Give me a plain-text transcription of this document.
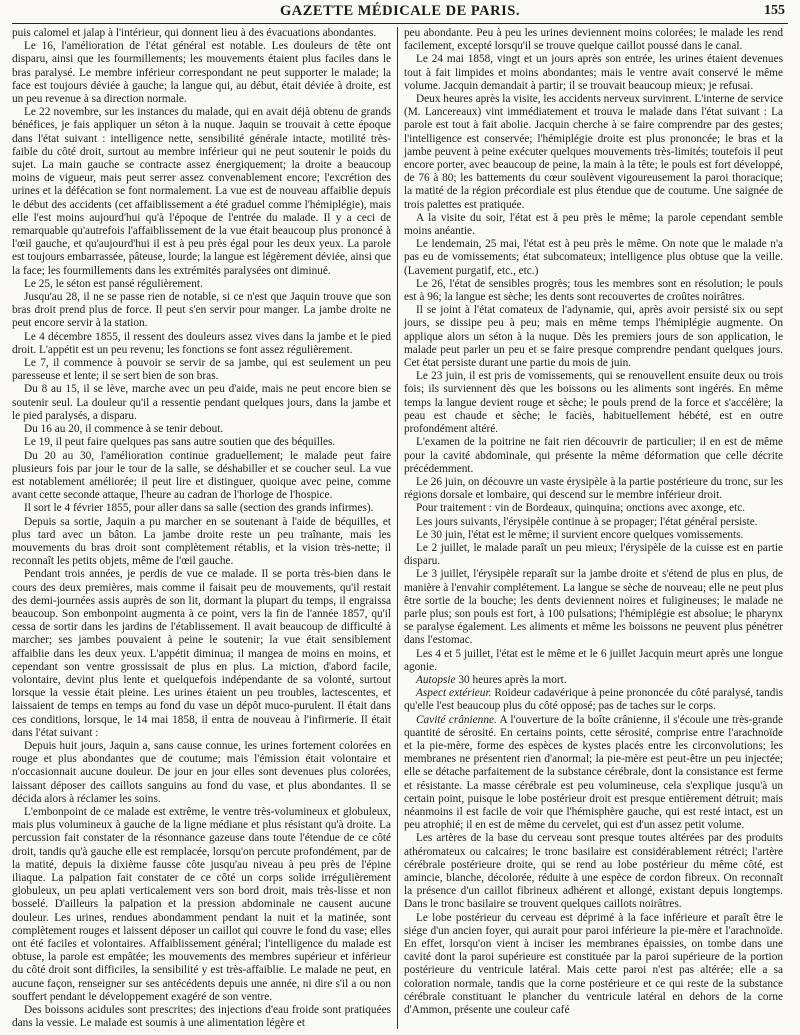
GAZETTE MÉDICALE DE PARIS.	155

puis calomel et jalap à l'intérieur, qui donnent lieu à des évacuations abondantes.

Le 16, l'amélioration de l'état général est notable. Les douleurs de tête ont disparu, ainsi que les fourmillements; les mouvements étaient plus faciles dans le bras paralysé. Le membre inférieur correspondant ne peut supporter le malade; la face est toujours déviée à gauche; la langue qui, au début, était déviée à droite, est un peu revenue à sa direction normale.

Le 22 novembre, sur les instances du malade, qui en avait déjà obtenu de grands bénéfices, je fais appliquer un séton à la nuque. Jaquin se trouvait à cette époque dans l'état suivant : intelligence nette, sensibilité générale intacte, motilité très-faible du côté droit, surtout au membre inférieur qui ne peut soutenir le poids du sujet. La main gauche se contracte assez énergiquement; la droite a beaucoup moins de vigueur, mais peut serrer assez convenablement encore; l'excrétion des urines et la défécation se font normalement. La vue est de nouveau affaiblie depuis le début des accidents (cet affaiblissement a été graduel comme l'hémiplégie), mais elle l'est moins aujourd'hui qu'à l'époque de l'entrée du malade. Il y a ceci de remarquable qu'autrefois l'affaiblissement de la vue était beaucoup plus prononcé à l'œil gauche, et qu'aujourd'hui il est à peu près égal pour les deux yeux. La parole est toujours embarrassée, pâteuse, lourde; la langue est légèrement déviée, ainsi que la face; les fourmillements dans les extrémités paralysées ont diminué.

Le 25, le séton est pansé régulièrement.

Jusqu'au 28, il ne se passe rien de notable, si ce n'est que Jaquin trouve que son bras droit prend plus de force. Il peut s'en servir pour manger. La jambe droite ne peut encore servir à la station.

Le 4 décembre 1855, il ressent des douleurs assez vives dans la jambe et le pied droit. L'appétit est un peu revenu; les fonctions se font assez régulièrement.

Le 7, il commence à pouvoir se servir de sa jambe, qui est seulement un peu paresseuse et lente; il se sert bien de son bras.

Du 8 au 15, il se lève, marche avec un peu d'aide, mais ne peut encore bien se soutenir seul. La douleur qu'il a ressentie pendant quelques jours, dans la jambe et le pied paralysés, a disparu.

Du 16 au 20, il commence à se tenir debout.

Le 19, il peut faire quelques pas sans autre soutien que des béquilles.

Du 20 au 30, l'amélioration continue graduellement; le malade peut faire plusieurs fois par jour le tour de la salle, se déshabiller et se coucher seul. La vue est notablement améliorée; il peut lire et distinguer, quoique avec peine, comme avant cette seconde attaque, l'heure au cadran de l'horloge de l'hospice.

Il sort le 4 février 1855, pour aller dans sa salle (section des grands infirmes).

Depuis sa sortie, Jaquin a pu marcher en se soutenant à l'aide de béquilles, et plus tard avec un bâton. La jambe droite reste un peu traînante, mais les mouvements du bras droit sont complètement rétablis, et la vision très-nette; il reconnaît les petits objets, même de l'œil gauche.

Pendant trois années, je perdis de vue ce malade. Il se porta très-bien dans le cours des deux premières, mais comme il faisait peu de mouvements, qu'il restait des demi-journées assis auprès de son lit, dormant la plupart du temps, il engraissa beaucoup. Son embonpoint augmenta à ce point, vers la fin de l'année 1857, qu'il cessa de sortir dans les jardins de l'établissement. Il avait beaucoup de difficulté à marcher; ses jambes pouvaient à peine le soutenir; la vue était sensiblement affaiblie dans les deux yeux. L'appétit diminua; il mangea de moins en moins, et cependant son ventre grossissait de plus en plus. La miction, d'abord facile, volontaire, devint plus lente et quelquefois indépendante de sa volonté, surtout lorsque la vessie était pleine. Les urines étaient un peu troubles, lactescentes, et laissaient de temps en temps au fond du vase un dépôt muco-purulent. Il était dans ces conditions, lorsque, le 14 mai 1858, il entra de nouveau à l'infirmerie. Il était dans l'état suivant :

Depuis huit jours, Jaquin a, sans cause connue, les urines fortement colorées en rouge et plus abondantes que de coutume; mais l'émission était volontaire et n'occasionnait aucune douleur. De jour en jour elles sont devenues plus colorées, laissant déposer des caillots sanguins au fond du vase, et plus abondantes. Il se décida alors à réclamer les soins.

L'embonpoint de ce malade est extrême, le ventre très-volumineux et globuleux, mais plus volumineux à gauche de la ligne médiane et plus résistant qu'à droite. La percussion fait constater de la résonnance gazeuse dans toute l'étendue de ce côté droit, tandis qu'à gauche elle est remplacée, lorsqu'on percute profondément, par de la matité, depuis la dixième fausse côte jusqu'au niveau à peu près de l'épine iliaque. La palpation fait constater de ce côté un corps solide irrégulièrement globuleux, un peu aplati verticalement vers son bord droit, mais très-lisse et non bosselé. D'ailleurs la palpation et la pression abdominale ne causent aucune douleur. Les urines, rendues abondamment pendant la nuit et la matinée, sont complètement rouges et laissent déposer un caillot qui couvre le fond du vase; elles ont été faciles et volontaires. Affaiblissement général; l'intelligence du malade est obtuse, la parole est empâtée; les mouvements des membres supérieur et inférieur du côté droit sont difficiles, la sensibilité y est très-affaiblie. Le malade ne peut, en aucune façon, renseigner sur ses antécédents depuis une année, ni dire s'il a ou non souffert pendant le développement exagéré de son ventre.

Des boissons acidules sont prescrites; des injections d'eau froide sont pratiquées dans la vessie. Le malade est soumis à une alimentation légère et

peu abondante. Peu à peu les urines deviennent moins colorées; le malade les rend facilement, excepté lorsqu'il se trouve quelque caillot poussé dans le canal.

Le 24 mai 1858, vingt et un jours après son entrée, les urines étaient devenues tout à fait limpides et moins abondantes; mais le ventre avait conservé le même volume. Jacquin demandait à partir; il se trouvait beaucoup mieux; je refusai.

Deux heures après la visite, les accidents nerveux survinrent. L'interne de service (M. Lancereaux) vint immédiatement et trouva le malade dans l'état suivant : La parole est tout à fait abolie. Jacquin cherche à se faire comprendre par des gestes; l'intelligence est conservée; l'hémiplégie droite est plus prononcée; le bras et la jambe peuvent à peine exécuter quelques mouvements très-limités; toutefois il peut encore porter, avec beaucoup de peine, la main à la tête; le pouls est fort développé, de 76 à 80; les battements du cœur soulèvent vigoureusement la paroi thoracique; la matité de la région précordiale est plus étendue que de coutume. Une saignée de trois palettes est pratiquée.

A la visite du soir, l'état est à peu près le même; la parole cependant semble moins anéantie.

Le lendemain, 25 mai, l'état est à peu près le même. On note que le malade n'a pas eu de vomissements; état subcomateux; intelligence plus obtuse que la veille. (Lavement purgatif, etc., etc.)

Le 26, l'état de sensibles progrès; tous les membres sont en résolution; le pouls est à 96; la langue est sèche; les dents sont recouvertes de croûtes noirâtres.

Il se joint à l'état comateux de l'adynamie, qui, après avoir persisté six ou sept jours, se dissipe peu à peu; mais en même temps l'hémiplégie augmente. On applique alors un séton à la nuque. Dès les premiers jours de son application, le malade peut parler un peu et se faire presque comprendre pendant quelques jours. Cet état persiste durant une partie du mois de juin.

Le 23 juin, il est pris de vomissements, qui se renouvellent ensuite deux ou trois fois; ils surviennent dès que les boissons ou les aliments sont ingérés. En même temps la langue devient rouge et sèche; le pouls prend de la force et s'accélère; la peau est chaude et sèche; le faciès, habituellement hébété, est en outre profondément altéré.

L'examen de la poitrine ne fait rien découvrir de particulier; il en est de même pour la cavité abdominale, qui présente la même déformation que celle décrite précédemment.

Le 26 juin, on découvre un vaste érysipèle à la partie postérieure du tronc, sur les régions dorsale et lombaire, qui descend sur le membre inférieur droit.

Pour traitement : vin de Bordeaux, quinquina; onctions avec axonge, etc.

Les jours suivants, l'érysipèle continue à se propager; l'état général persiste.

Le 30 juin, l'état est le même; il survient encore quelques vomissements.

Le 2 juillet, le malade paraît un peu mieux; l'érysipèle de la cuisse est en partie disparu.

Le 3 juillet, l'érysipèle reparaît sur la jambe droite et s'étend de plus en plus, de manière à l'envahir complétement. La langue se sèche de nouveau; elle ne peut plus être sortie de la bouche; les dents deviennent noires et fuligineuses; le malade ne parle plus; son pouls est fort, à 100 pulsations; l'hémiplégie est absolue; le pharynx se paralyse également. Les aliments et même les boissons ne peuvent plus pénétrer dans l'estomac.

Les 4 et 5 juillet, l'état est le même et le 6 juillet Jacquin meurt après une longue agonie.

Autopsie 30 heures après la mort.

Aspect extérieur. Roideur cadavérique à peine prononcée du côté paralysé, tandis qu'elle l'est beaucoup plus du côté opposé; pas de taches sur le corps.

Cavité crânienne. A l'ouverture de la boîte crânienne, il s'écoule une très-grande quantité de sérosité. En certains points, cette sérosité, comprise entre l'arachnoïde et la pie-mère, forme des espèces de kystes placés entre les circonvolutions; les membranes ne présentent rien d'anormal; la pie-mère est peut-être un peu injectée; elle se détache parfaitement de la substance cérébrale, dont la consistance est ferme et résistante. La masse cérébrale est peu volumineuse, cela s'explique jusqu'à un certain point, puisque le lobe postérieur droit est presque entièrement détruit; mais néanmoins il est facile de voir que l'hémisphère gauche, qui est resté intact, est un peu atrophié; il en est de même du cervelet, qui est d'un assez petit volume.

Les artères de la base du cerveau sont presque toutes altérées par des produits athéromateux ou calcaires; le tronc basilaire est considérablement rétréci; l'artère cérébrale postérieure droite, qui se rend au lobe postérieur du même côté, est amincie, blanche, décolorée, réduite à une espèce de cordon fibreux. On reconnaît la présence d'un caillot fibrineux adhérent et allongé, existant depuis longtemps. Dans le tronc basilaire se trouvent quelques caillots noirâtres.

Le lobe postérieur du cerveau est déprimé à la face inférieure et paraît être le siége d'un ancien foyer, qui aurait pour paroi inférieure la pie-mère et l'arachnoïde. En effet, lorsqu'on vient à inciser les membranes épaissies, on tombe dans une cavité dont la paroi supérieure est constituée par la paroi supérieure de la portion postérieure du ventricule latéral. Mais cette paroi n'est pas altérée; elle a sa coloration normale, tandis que la corne postérieure et ce qui reste de la substance cérébrale constituant le plancher du ventricule latéral en dehors de la corne d'Ammon, présente une couleur café
